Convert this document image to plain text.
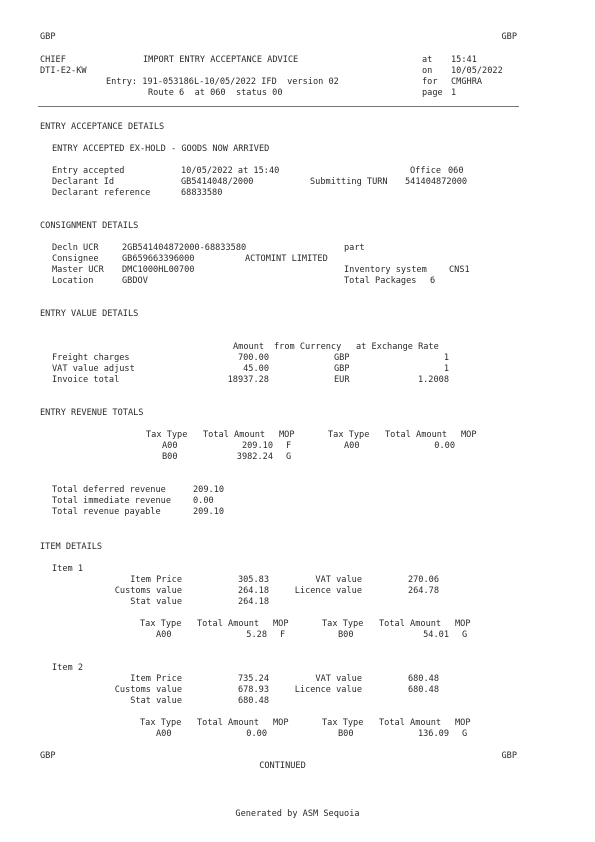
GBP	GBP
CHIEF
DTI-E2-KW
IMPORT ENTRY ACCEPTANCE ADVICE
Entry: 191-053186L-10/05/2022 IFD  version 02
Route 6  at 060  status 00
at 15:41
on 10/05/2022
for CMGHRA
page 1
ENTRY ACCEPTANCE DETAILS
ENTRY ACCEPTED EX-HOLD - GOODS NOW ARRIVED
Entry accepted	10/05/2022 at 15:40	Office 060
Declarant Id	GB5414048/2000	Submitting TURN 541404872000
Declarant reference	68833580
CONSIGNMENT DETAILS
Decln UCR	2GB541404872000-68833580	part
Consignee	GB659663396000	ACTOMINT LIMITED
Master UCR DMC1000HL00700	Inventory system	CNS1
Location	GBDOV	Total Packages 6
ENTRY VALUE DETAILS
Amount from Currency at Exchange Rate
Freight charges	700.00	GBP	1
VAT value adjust	45.00	GBP	1
Invoice total	18937.28	EUR	1.2008
ENTRY REVENUE TOTALS
Tax Type Total Amount MOP	Tax Type Total Amount MOP
A00	209.10 F	A00	0.00
B00	3982.24 G
Total deferred revenue	209.10
Total immediate revenue	0.00
Total revenue payable	209.10
ITEM DETAILS
Item 1
Item Price	305.83	VAT value	270.06
Customs value	264.18	Licence value	264.78
Stat value	264.18
Tax Type Total Amount MOP	Tax Type Total Amount MOP
A00	5.28 F	B00	54.01 G
Item 2
Item Price	735.24	VAT value	680.48
Customs value	678.93	Licence value	680.48
Stat value	680.48
Tax Type Total Amount MOP	Tax Type Total Amount MOP
A00	0.00	B00	136.09 G
GBP	GBP
CONTINUED
Generated by ASM Sequoia
